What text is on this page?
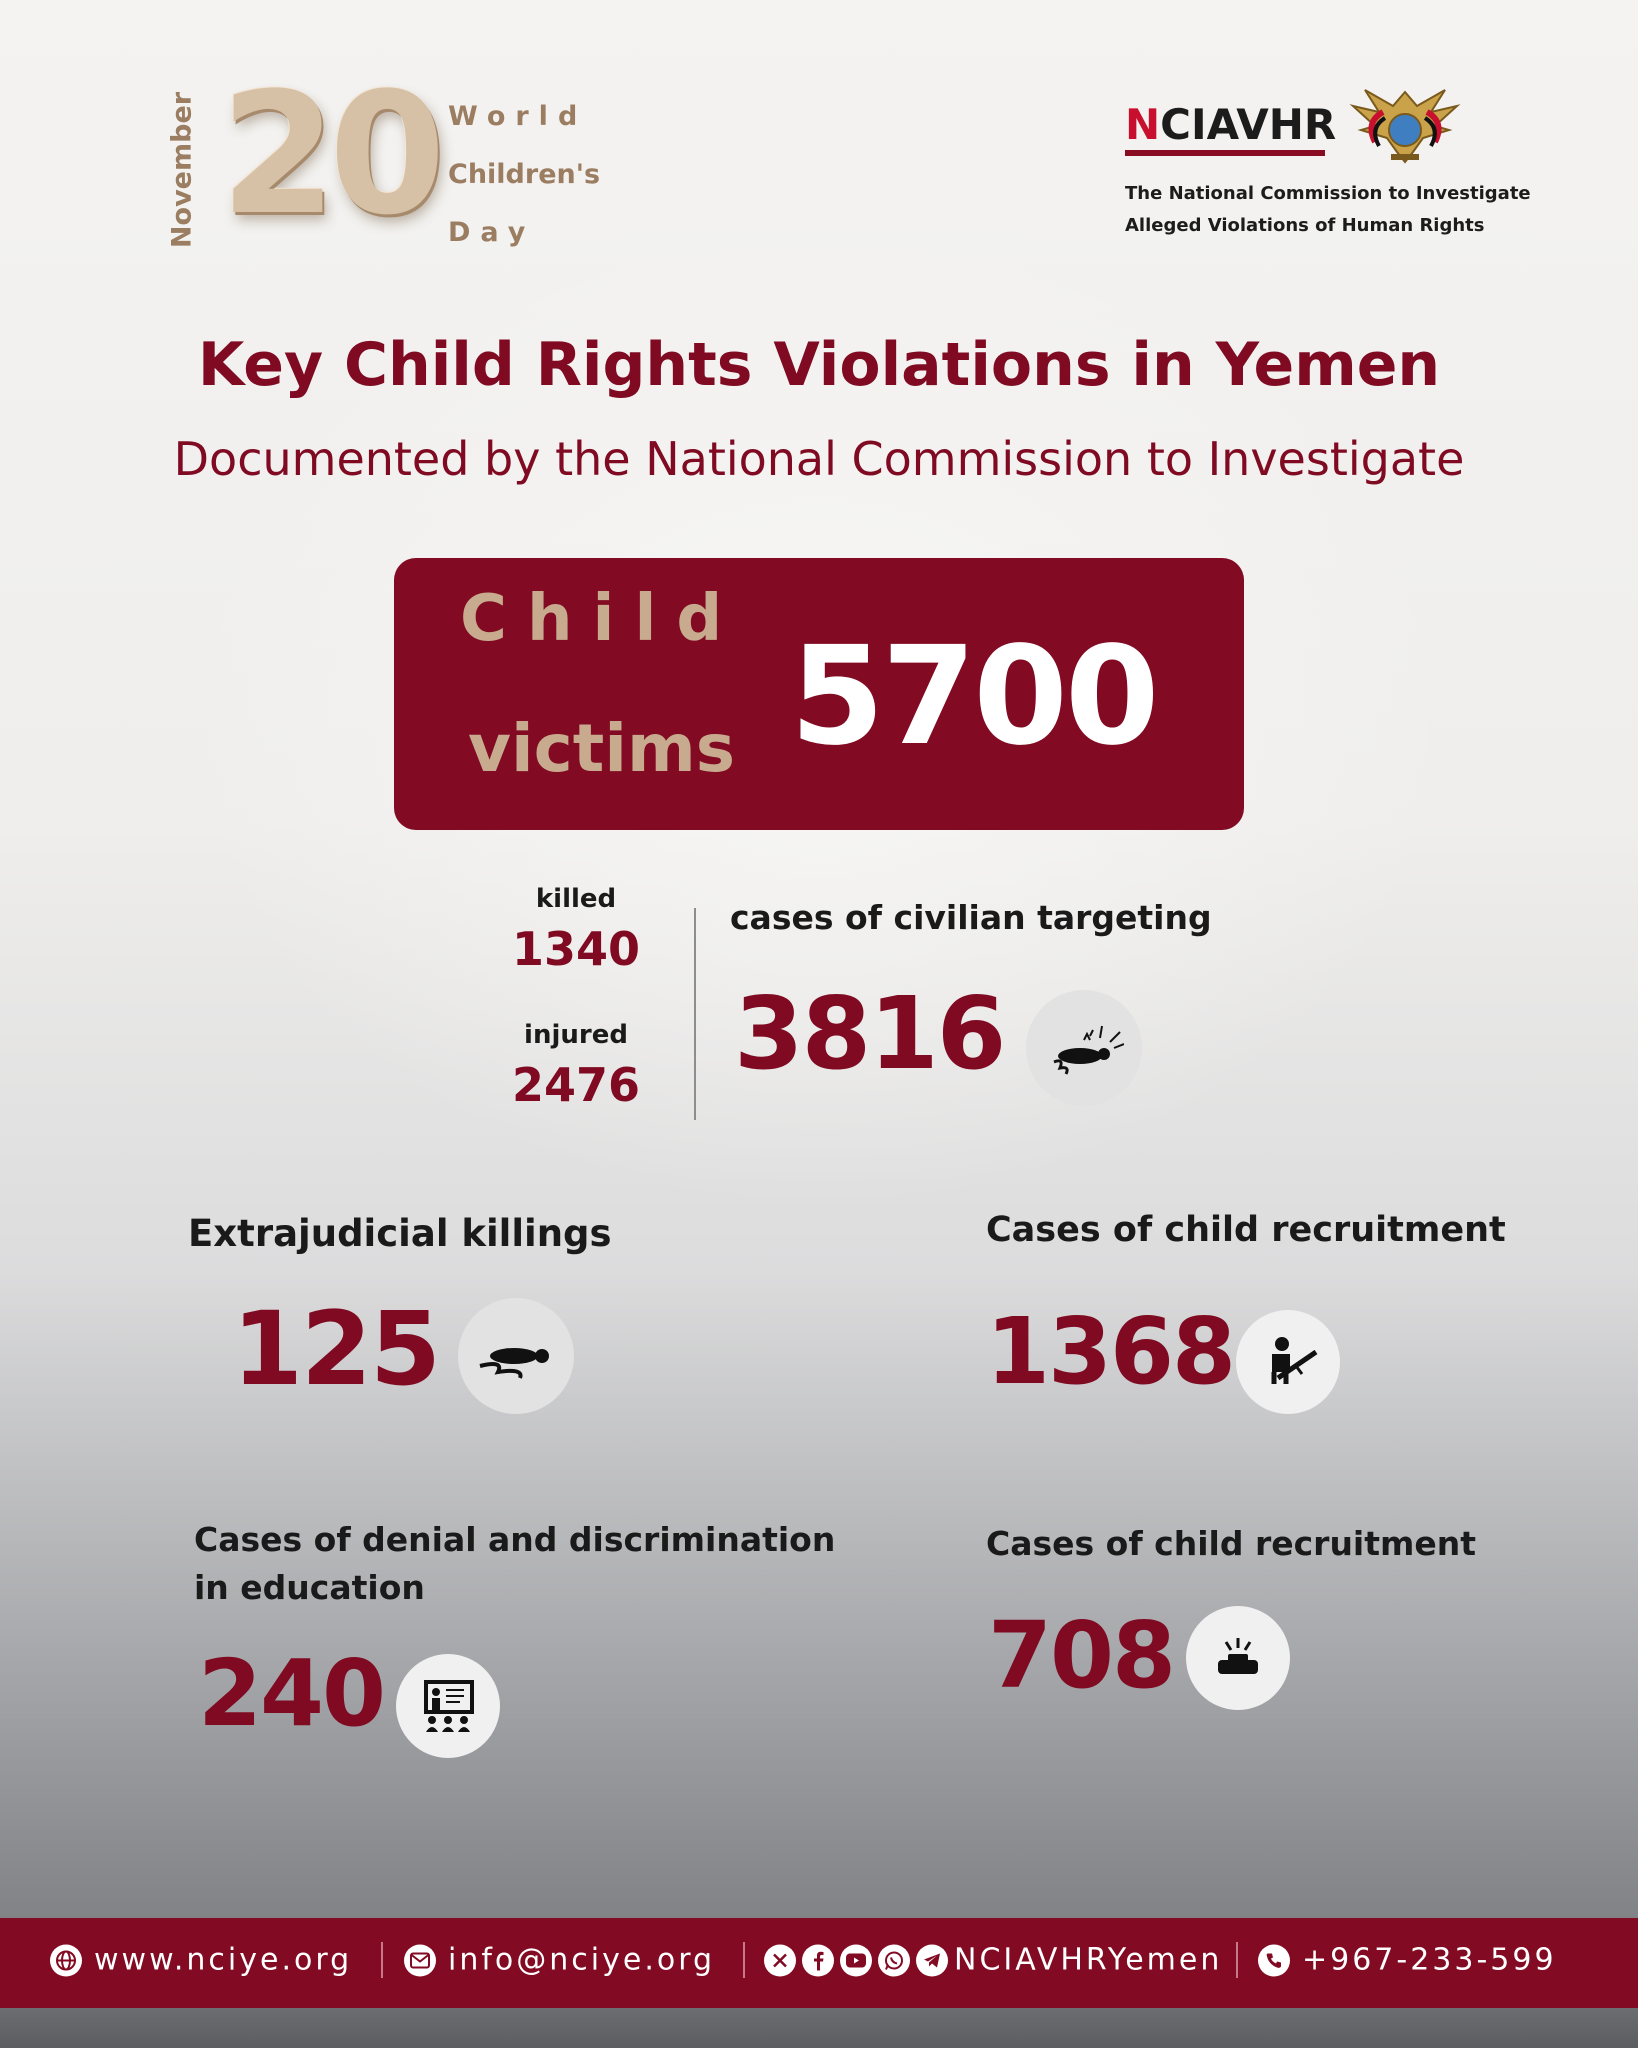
November 20 World
Children's
Day
NCIAVHR
The National Commission to Investigate
Alleged Violations of Human Rights
Key Child Rights Violations in Yemen
Documented by the National Commission to Investigate
Child
victims 5700
killed
1340
injured
2476
cases of civilian targeting
3816
Extrajudicial killings
125
Cases of child recruitment
1368
Cases of denial and discrimination
in education
240
Cases of child recruitment
708
www.nciye.org	info@nciye.org	NCIAVHRYemen	+967-233-599
